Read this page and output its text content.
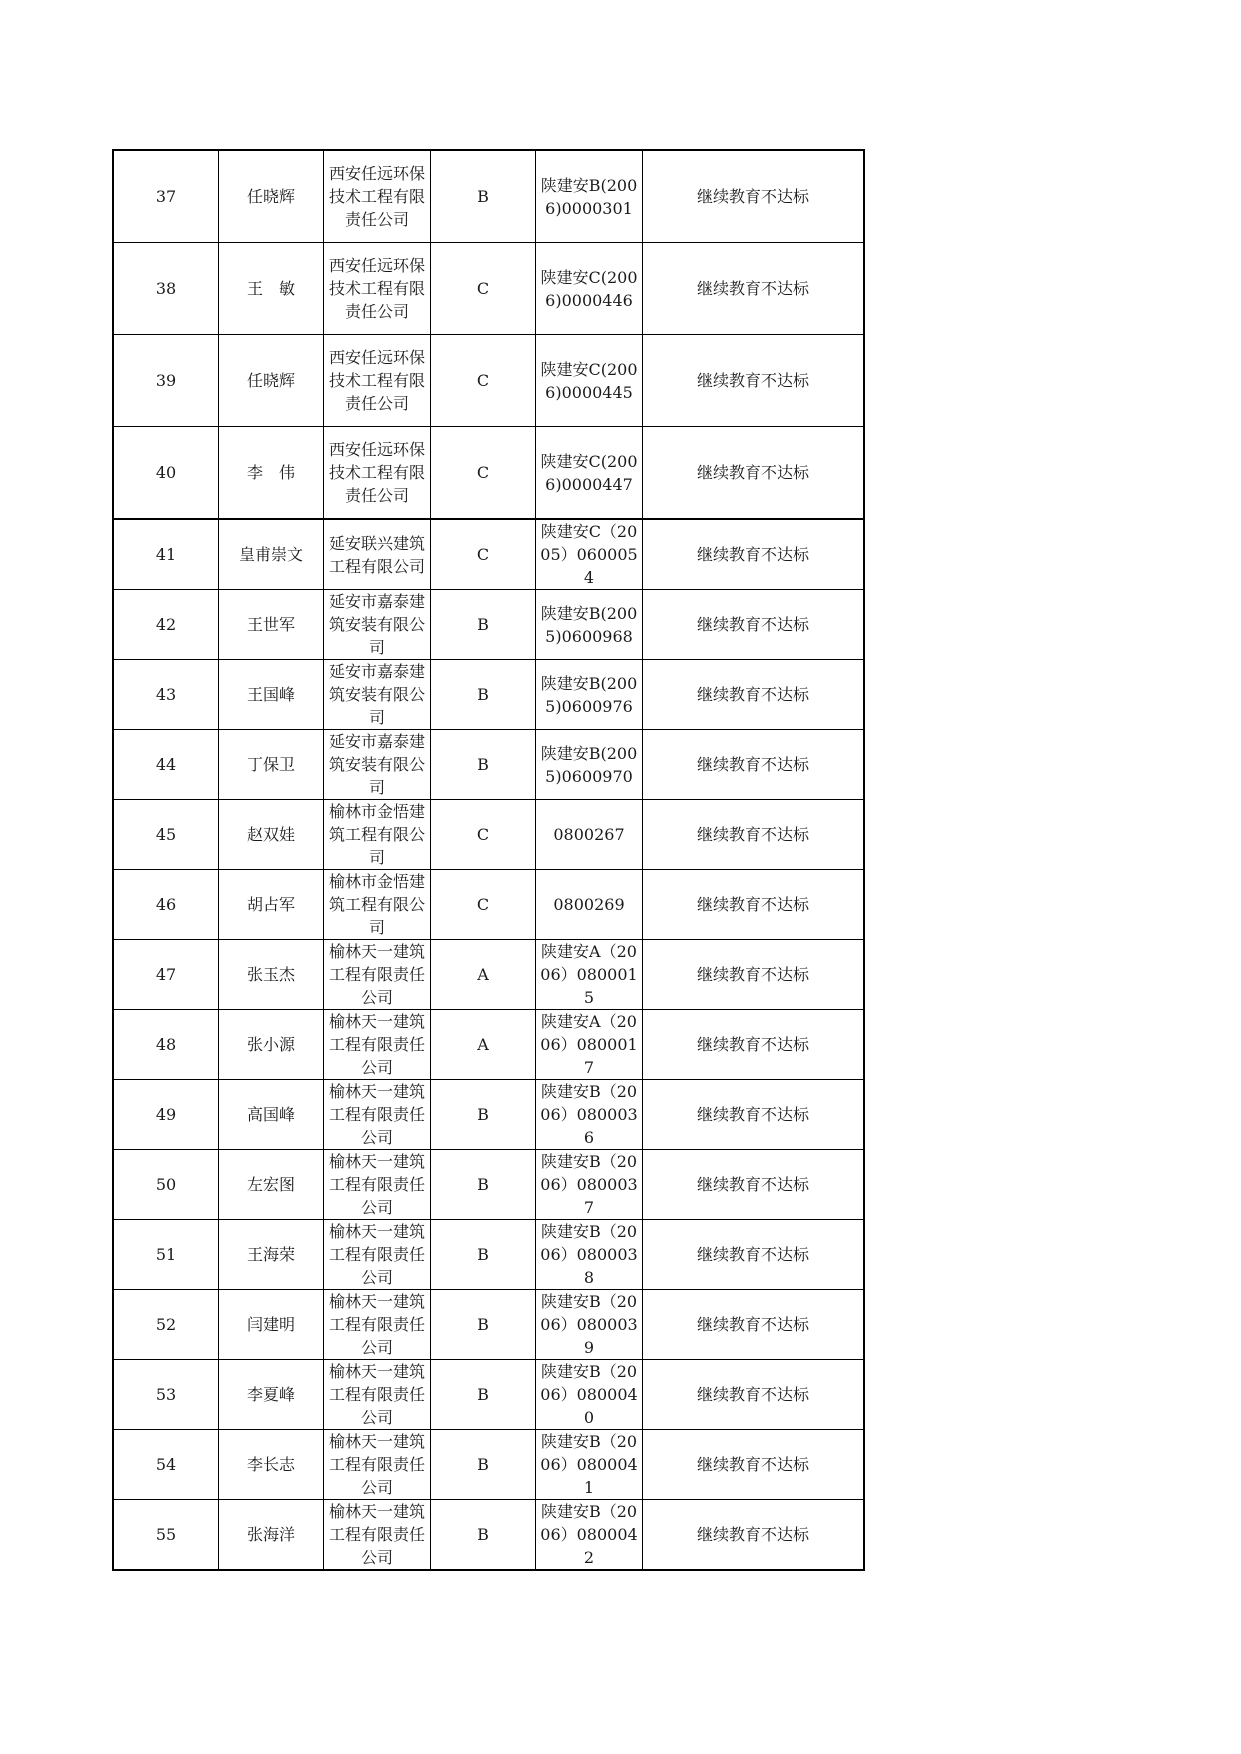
37	任晓辉	西安任远环保技术工程有限责任公司	B	陕建安B(2006)0000301	继续教育不达标

38	王　敏	西安任远环保技术工程有限责任公司	C	陕建安C(2006)0000446	继续教育不达标

39	任晓辉	西安任远环保技术工程有限责任公司	C	陕建安C(2006)0000445	继续教育不达标

40	李　伟	西安任远环保技术工程有限责任公司	C	陕建安C(2006)0000447	继续教育不达标

41	皇甫崇文	延安联兴建筑工程有限公司	C	陕建安C（2005）0600054	继续教育不达标

42	王世军	延安市嘉泰建筑安装有限公司	B	陕建安B(2005)0600968	继续教育不达标

43	王国峰	延安市嘉泰建筑安装有限公司	B	陕建安B(2005)0600976	继续教育不达标

44	丁保卫	延安市嘉泰建筑安装有限公司	B	陕建安B(2005)0600970	继续教育不达标

45	赵双娃	榆林市金悟建筑工程有限公司	C	0800267	继续教育不达标

46	胡占军	榆林市金悟建筑工程有限公司	C	0800269	继续教育不达标

47	张玉杰	榆林天一建筑工程有限责任公司	A	陕建安A（2006）0800015	继续教育不达标

48	张小源	榆林天一建筑工程有限责任公司	A	陕建安A（2006）0800017	继续教育不达标

49	高国峰	榆林天一建筑工程有限责任公司	B	陕建安B（2006）0800036	继续教育不达标

50	左宏图	榆林天一建筑工程有限责任公司	B	陕建安B（2006）0800037	继续教育不达标

51	王海荣	榆林天一建筑工程有限责任公司	B	陕建安B（2006）0800038	继续教育不达标

52	闫建明	榆林天一建筑工程有限责任公司	B	陕建安B（2006）0800039	继续教育不达标

53	李夏峰	榆林天一建筑工程有限责任公司	B	陕建安B（2006）0800040	继续教育不达标

54	李长志	榆林天一建筑工程有限责任公司	B	陕建安B（2006）0800041	继续教育不达标

55	张海洋	榆林天一建筑工程有限责任公司	B	陕建安B（2006）0800042	继续教育不达标
